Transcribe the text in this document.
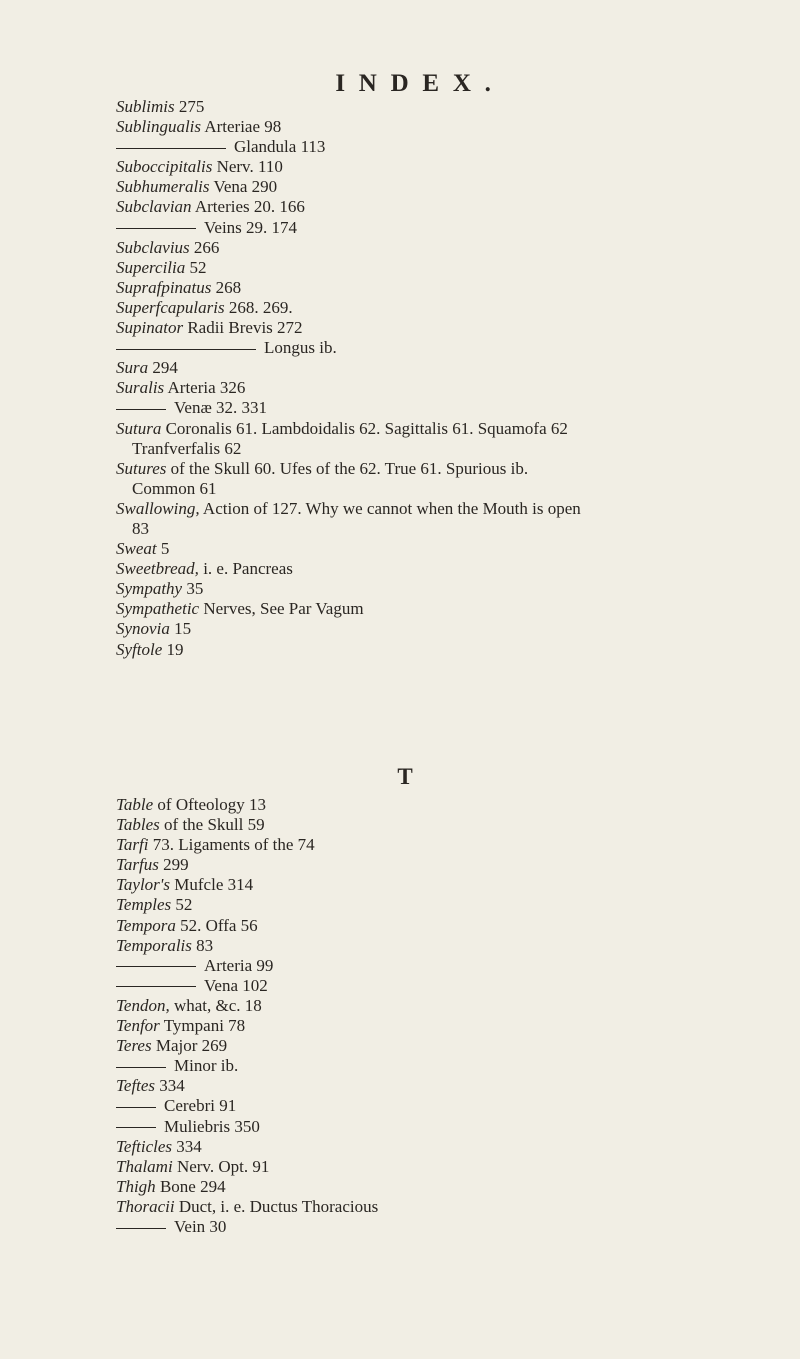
INDEX.

Sublimis 275

Sublingualis Arteriae 98

Glandula 113

Suboccipitalis Nerv. 110

Subhumeralis Vena 290

Subclavian Arteries 20. 166

Veins 29. 174

Subclavius 266

Supercilia 52

Suprafpinatus 268

Superfcapularis 268. 269.

Supinator Radii Brevis 272

Longus ib.

Sura 294

Suralis Arteria 326

Venæ 32. 331

Sutura Coronalis 61. Lambdoidalis 62. Sagittalis 61. Squamofa 62
Tranfverfalis 62

Sutures of the Skull 60. Ufes of the 62. True 61. Spurious ib.
Common 61

Swallowing, Action of 127. Why we cannot when the Mouth is open
83

Sweat 5

Sweetbread, i. e. Pancreas

Sympathy 35

Sympathetic Nerves, See Par Vagum

Synovia 15

Syftole 19

T

Table of Ofteology 13

Tables of the Skull 59

Tarfi 73. Ligaments of the 74

Tarfus 299

Taylor's Mufcle 314

Temples 52

Tempora 52. Offa 56

Temporalis 83

Arteria 99

Vena 102

Tendon, what, &c. 18

Tenfor Tympani 78

Teres Major 269

Minor ib.

Teftes 334

Cerebri 91

Muliebris 350

Tefticles 334

Thalami Nerv. Opt. 91

Thigh Bone 294

Thoracii Duct, i. e. Ductus Thoracious

Vein 30
